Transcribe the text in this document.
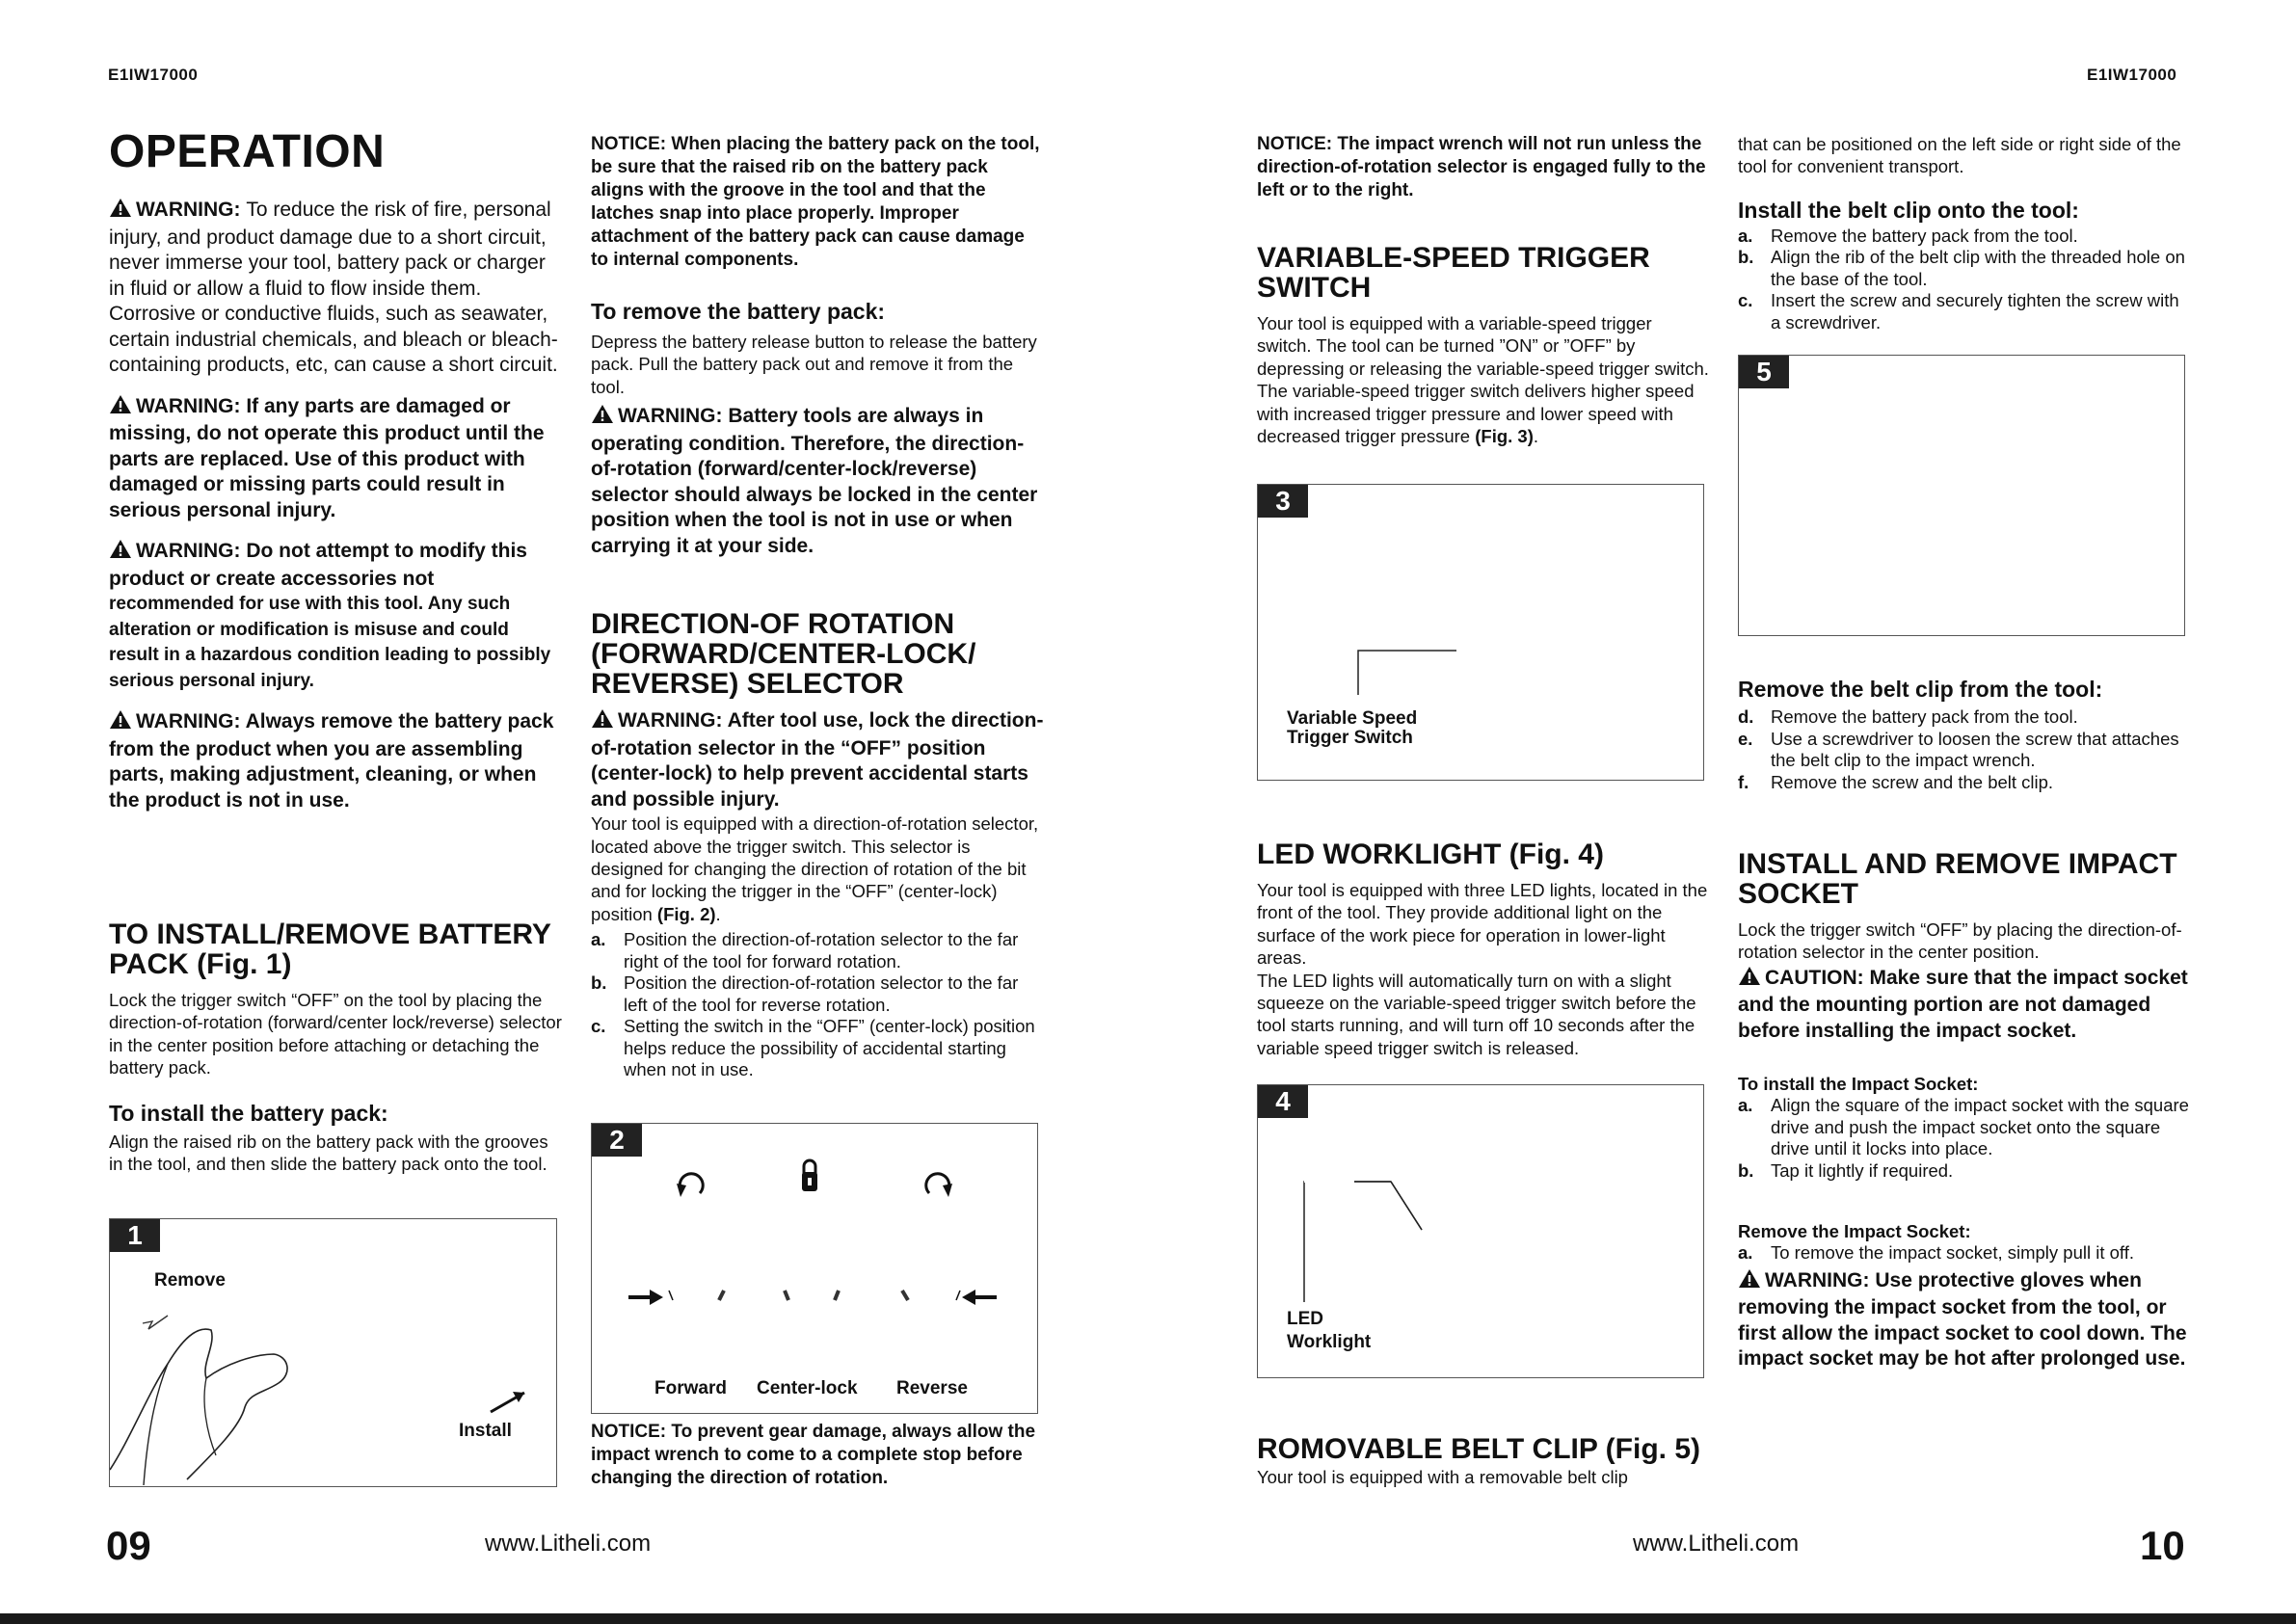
E1IW17000	E1IW17000
OPERATION

WARNING: To reduce the risk of fire, personal injury, and product damage due to a short circuit, never immerse your tool, battery pack or charger in fluid or allow a fluid to flow inside them. Corrosive or conductive fluids, such as seawater, certain industrial chemicals, and bleach or bleach-containing products, etc, can cause a short circuit.

WARNING: If any parts are damaged or missing, do not operate this product until the parts are replaced. Use of this product with damaged or missing parts could result in serious personal injury.

WARNING: Do not attempt to modify this product or create accessories not

recommended for use with this tool. Any such alteration or modification is misuse and could result in a hazardous condition leading to possibly serious personal injury.

WARNING: Always remove the battery pack from the product when you are assembling parts, making adjustment, cleaning, or when the product is not in use.

TO INSTALL/REMOVE BATTERY PACK (Fig. 1)

Lock the trigger switch “OFF” on the tool by placing the direction-of-rotation (forward/center lock/reverse) selector in the center position before attaching or detaching the battery pack.

To install the battery pack:

Align the raised rib on the battery pack with the grooves in the tool, and then slide the battery pack onto the tool.

1
Remove
Install

NOTICE: When placing the battery pack on the tool, be sure that the raised rib on the battery pack aligns with the groove in the tool and that the latches snap into place properly. Improper attachment of the battery pack can cause damage to internal components.

To remove the battery pack:

Depress the battery release button to release the battery pack. Pull the battery pack out and remove it from the tool.

WARNING: Battery tools are always in operating condition. Therefore, the direction-of-rotation (forward/center-lock/reverse) selector should always be locked in the center position when the tool is not in use or when carrying it at your side.

DIRECTION-OF ROTATION (FORWARD/CENTER-LOCK/ REVERSE) SELECTOR

WARNING: After tool use, lock the direction-of-rotation selector in the “OFF” position (center-lock) to help prevent accidental starts and possible injury.

Your tool is equipped with a direction-of-rotation selector, located above the trigger switch. This selector is designed for changing the direction of rotation of the bit and for locking the trigger in the “OFF” (center-lock) position (Fig. 2).

a.	Position the direction-of-rotation selector to the far right of the tool for forward rotation.
b. Position the direction-of-rotation selector to the far left of the tool for reverse rotation.
c.	Setting the switch in the “OFF” (center-lock) position helps reduce the possibility of accidental starting when not in use.
2
Forward Center-lock Reverse

NOTICE: To prevent gear damage, always allow the impact wrench to come to a complete stop before changing the direction of rotation.

NOTICE: The impact wrench will not run unless the direction-of-rotation selector is engaged fully to the left or to the right.

VARIABLE-SPEED TRIGGER SWITCH

Your tool is equipped with a variable-speed trigger switch. The tool can be turned ”ON” or ”OFF” by depressing or releasing the variable-speed trigger switch.

The variable-speed trigger switch delivers higher speed with increased trigger pressure and lower speed with decreased trigger pressure (Fig. 3).

3
Variable Speed
Trigger Switch
LED WORKLIGHT (Fig. 4)

Your tool is equipped with three LED lights, located in the front of the tool. They provide additional light on the surface of the work piece for operation in lower-light areas.

The LED lights will automatically turn on with a slight squeeze on the variable-speed trigger switch before the tool starts running, and will turn off 10 seconds after the variable speed trigger switch is released.

4
LED
Worklight
ROMOVABLE BELT CLIP (Fig. 5)

Your tool is equipped with a removable belt clip

that can be positioned on the left side or right side of the tool for convenient transport.

Install the belt clip onto the tool:
a.	Remove the battery pack from the tool.
b. Align the rib of the belt clip with the threaded hole on the base of the tool.
c.	Insert the screw and securely tighten the screw with a screwdriver.
5
Remove the belt clip from the tool:
d. Remove the battery pack from the tool.
e.	Use a screwdriver to loosen the screw that attaches the belt clip to the impact wrench.
f.	Remove the screw and the belt clip.
INSTALL AND REMOVE IMPACT SOCKET

Lock the trigger switch “OFF” by placing the direction-of-rotation selector in the center position.

CAUTION: Make sure that the impact socket and the mounting portion are not damaged before installing the impact socket.

To install the Impact Socket:

a.	Align the square of the impact socket with the square drive and push the impact socket onto the square drive until it locks into place.
b. Tap it lightly if required.

Remove the Impact Socket:

a.	To remove the impact socket, simply pull it off.

WARNING: Use protective gloves when removing the impact socket from the tool, or first allow the impact socket to cool down. The impact socket may be hot after prolonged use.

09	www.Litheli.com	www.Litheli.com	10
